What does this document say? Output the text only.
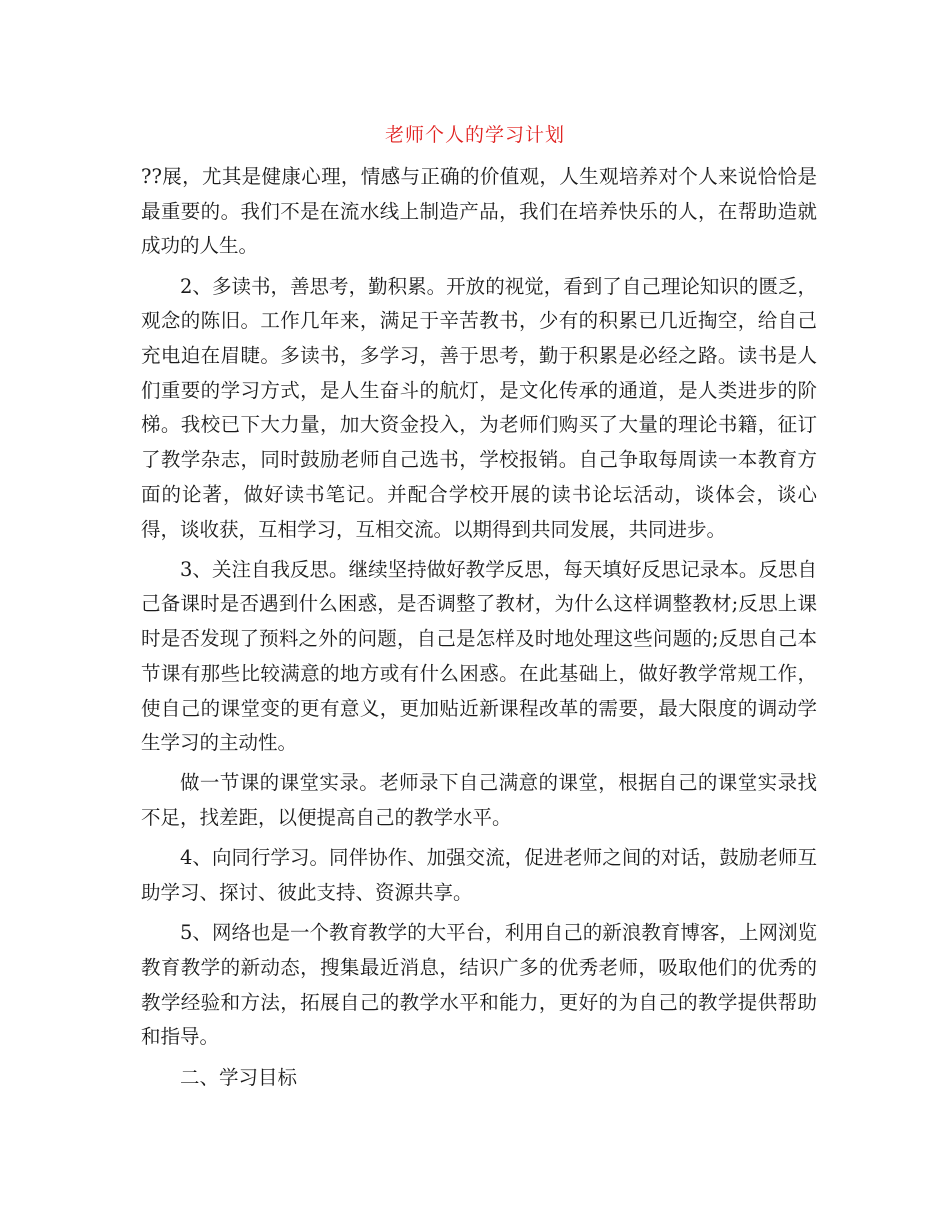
老师个人的学习计划

??展，尤其是健康心理，情感与正确的价值观，人生观培养对个人来说恰恰是最重要的。我们不是在流水线上制造产品，我们在培养快乐的人，在帮助造就成功的人生。

2、多读书，善思考，勤积累。开放的视觉，看到了自己理论知识的匮乏，观念的陈旧。工作几年来，满足于辛苦教书，少有的积累已几近掏空，给自己充电迫在眉睫。多读书，多学习，善于思考，勤于积累是必经之路。读书是人们重要的学习方式，是人生奋斗的航灯，是文化传承的通道，是人类进步的阶梯。我校已下大力量，加大资金投入，为老师们购买了大量的理论书籍，征订了教学杂志，同时鼓励老师自己选书，学校报销。自己争取每周读一本教育方面的论著，做好读书笔记。并配合学校开展的读书论坛活动，谈体会，谈心得，谈收获，互相学习，互相交流。以期得到共同发展，共同进步。

3、关注自我反思。继续坚持做好教学反思，每天填好反思记录本。反思自己备课时是否遇到什么困惑，是否调整了教材，为什么这样调整教材;反思上课时是否发现了预料之外的问题，自己是怎样及时地处理这些问题的;反思自己本节课有那些比较满意的地方或有什么困惑。在此基础上，做好教学常规工作，使自己的课堂变的更有意义，更加贴近新课程改革的需要，最大限度的调动学生学习的主动性。

做一节课的课堂实录。老师录下自己满意的课堂，根据自己的课堂实录找不足，找差距，以便提高自己的教学水平。

4、向同行学习。同伴协作、加强交流，促进老师之间的对话，鼓励老师互助学习、探讨、彼此支持、资源共享。

5、网络也是一个教育教学的大平台，利用自己的新浪教育博客，上网浏览教育教学的新动态，搜集最近消息，结识广多的优秀老师，吸取他们的优秀的教学经验和方法，拓展自己的教学水平和能力，更好的为自己的教学提供帮助和指导。

二、学习目标
